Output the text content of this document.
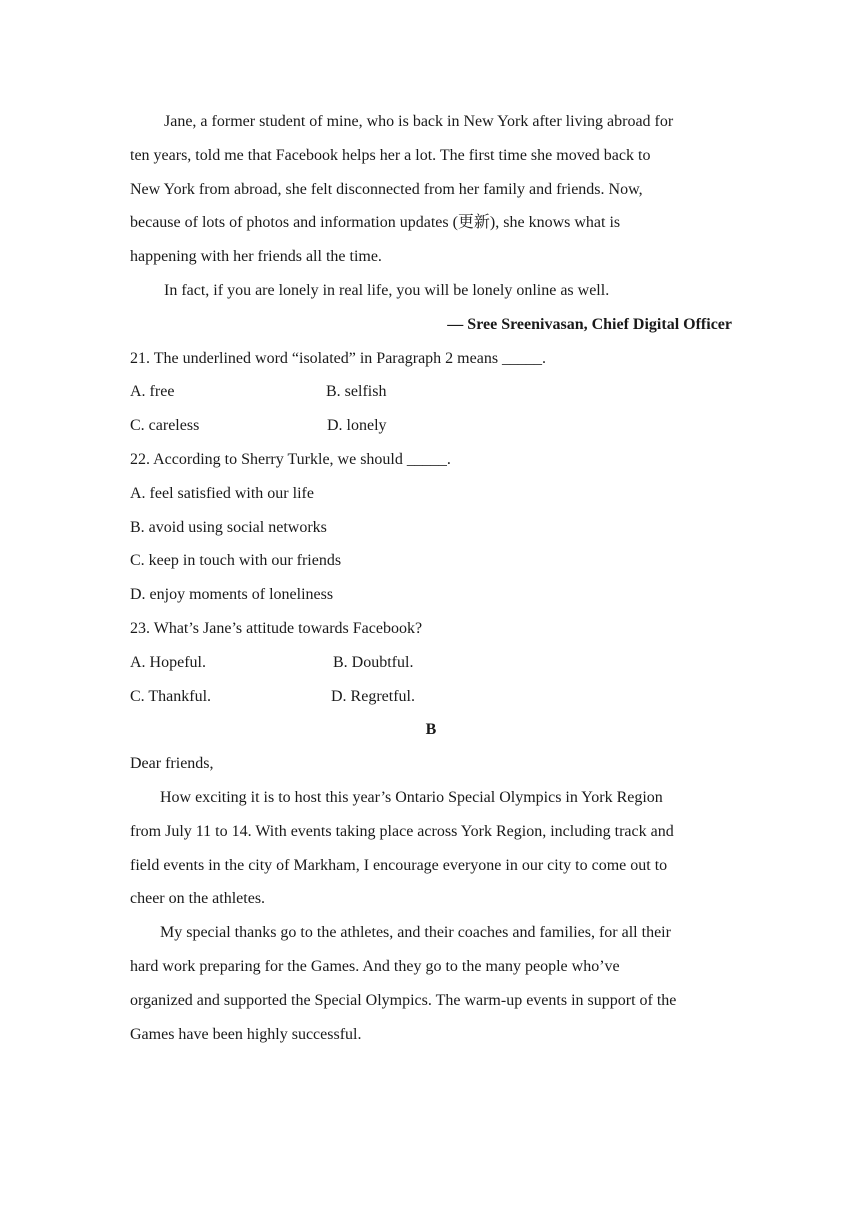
Jane, a former student of mine, who is back in New York after living abroad for
ten years, told me that Facebook helps her a lot. The first time she moved back to
New York from abroad, she felt disconnected from her family and friends. Now,
because of lots of photos and information updates (更新), she knows what is
happening with her friends all the time.
In fact, if you are lonely in real life, you will be lonely online as well.
— Sree Sreenivasan, Chief Digital Officer
21. The underlined word “isolated” in Paragraph 2 means _____.
A. free	B. selfish
C. careless	D. lonely
22. According to Sherry Turkle, we should _____.
A. feel satisfied with our life
B. avoid using social networks
C. keep in touch with our friends
D. enjoy moments of loneliness
23. What’s Jane’s attitude towards Facebook?
A. Hopeful.	B. Doubtful.
C. Thankful.	D. Regretful.
B
Dear friends,
How exciting it is to host this year’s Ontario Special Olympics in York Region
from July 11 to 14. With events taking place across York Region, including track and
field events in the city of Markham, I encourage everyone in our city to come out to
cheer on the athletes.
My special thanks go to the athletes, and their coaches and families, for all their
hard work preparing for the Games. And they go to the many people who’ve
organized and supported the Special Olympics. The warm-up events in support of the
Games have been highly successful.
